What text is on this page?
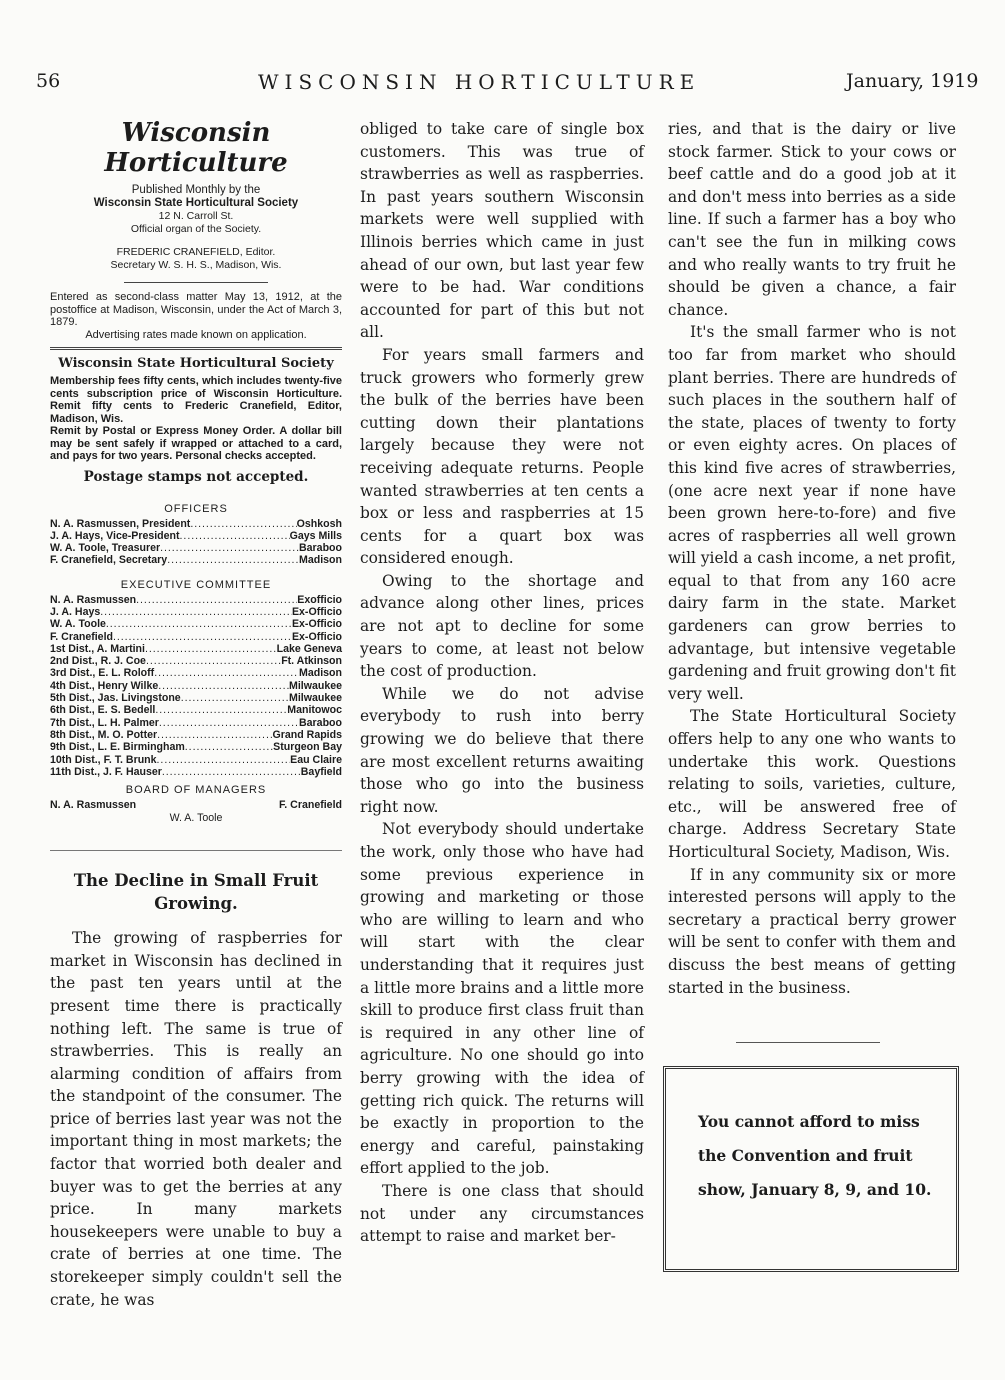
56	WISCONSIN HORTICULTURE	January, 1919
Wisconsin Horticulture
Published Monthly by the
Wisconsin State Horticultural Society
12 N. Carroll St.
Official organ of the Society.
FREDERIC CRANEFIELD, Editor.
Secretary W. S. H. S., Madison, Wis.
Entered as second-class matter May 13, 1912, at the postoffice at Madison, Wisconsin, under the Act of March 3, 1879.
Advertising rates made known on application.
Wisconsin State Horticultural Society
Membership fees fifty cents, which includes twenty-five cents subscription price of Wisconsin Horticulture. Remit fifty cents to Frederic Cranefield, Editor, Madison, Wis.
Remit by Postal or Express Money Order. A dollar bill may be sent safely if wrapped or attached to a card, and pays for two years. Personal checks accepted.
Postage stamps not accepted.
OFFICERS
N. A. Rasmussen, President . . .	Oshkosh
J. A. Hays, Vice-President . . .	Gays Mills
W. A. Toole, Treasurer . . .	Baraboo
F. Cranefield, Secretary . . .	Madison
EXECUTIVE COMMITTEE
N. A. Rasmussen . . .	Exofficio
J. A. Hays . . .	Ex-Officio
W. A. Toole . . .	Ex-Officio
F. Cranefield . . .	Ex-Officio
1st Dist., A. Martini . . .	Lake Geneva
2nd Dist., R. J. Coe . . .	Ft. Atkinson
3rd Dist., E. L. Roloff . . .	Madison
4th Dist., Henry Wilke . . .	Milwaukee
5th Dist., Jas. Livingstone . . .	Milwaukee
6th Dist., E. S. Bedell . . .	Manitowoc
7th Dist., L. H. Palmer . . .	Baraboo
8th Dist., M. O. Potter . . .	Grand Rapids
9th Dist., L. E. Birmingham . . .	Sturgeon Bay
10th Dist., F. T. Brunk . . .	Eau Claire
11th Dist., J. F. Hauser . . .	Bayfield
BOARD OF MANAGERS
N. A. Rasmussen	F. Cranefield
W. A. Toole
The Decline in Small Fruit Growing.

The growing of raspberries for market in Wisconsin has declined in the past ten years until at the present time there is practically nothing left. The same is true of strawberries. This is really an alarming condition of affairs from the standpoint of the consumer. The price of berries last year was not the important thing in most markets; the factor that worried both dealer and buyer was to get the berries at any price. In many markets housekeepers were unable to buy a crate of berries at one time. The storekeeper simply couldn't sell the crate, he was

obliged to take care of single box customers. This was true of strawberries as well as raspberries. In past years southern Wisconsin markets were well supplied with Illinois berries which came in just ahead of our own, but last year few were to be had. War conditions accounted for part of this but not all.

For years small farmers and truck growers who formerly grew the bulk of the berries have been cutting down their plantations largely because they were not receiving adequate returns. People wanted strawberries at ten cents a box or less and raspberries at 15 cents for a quart box was considered enough.

Owing to the shortage and advance along other lines, prices are not apt to decline for some years to come, at least not below the cost of production.

While we do not advise everybody to rush into berry growing we do believe that there are most excellent returns awaiting those who go into the business right now.

Not everybody should undertake the work, only those who have had some previous experience in growing and marketing or those who are willing to learn and who will start with the clear understanding that it requires just a little more brains and a little more skill to produce first class fruit than is required in any other line of agriculture. No one should go into berry growing with the idea of getting rich quick. The returns will be exactly in proportion to the energy and careful, painstaking effort applied to the job.

There is one class that should not under any circumstances attempt to raise and market ber-

ries, and that is the dairy or live stock farmer. Stick to your cows or beef cattle and do a good job at it and don't mess into berries as a side line. If such a farmer has a boy who can't see the fun in milking cows and who really wants to try fruit he should be given a chance, a fair chance.

It's the small farmer who is not too far from market who should plant berries. There are hundreds of such places in the southern half of the state, places of twenty to forty or even eighty acres. On places of this kind five acres of strawberries, (one acre next year if none have been grown here-to-fore) and five acres of raspberries all well grown will yield a cash income, a net profit, equal to that from any 160 acre dairy farm in the state. Market gardeners can grow berries to advantage, but intensive vegetable gardening and fruit growing don't fit very well.

The State Horticultural Society offers help to any one who wants to undertake this work. Questions relating to soils, varieties, culture, etc., will be answered free of charge. Address Secretary State Horticultural Society, Madison, Wis.

If in any community six or more interested persons will apply to the secretary a practical berry grower will be sent to confer with them and discuss the best means of getting started in the business.

You cannot afford to miss the Convention and fruit show, January 8, 9, and 10.
